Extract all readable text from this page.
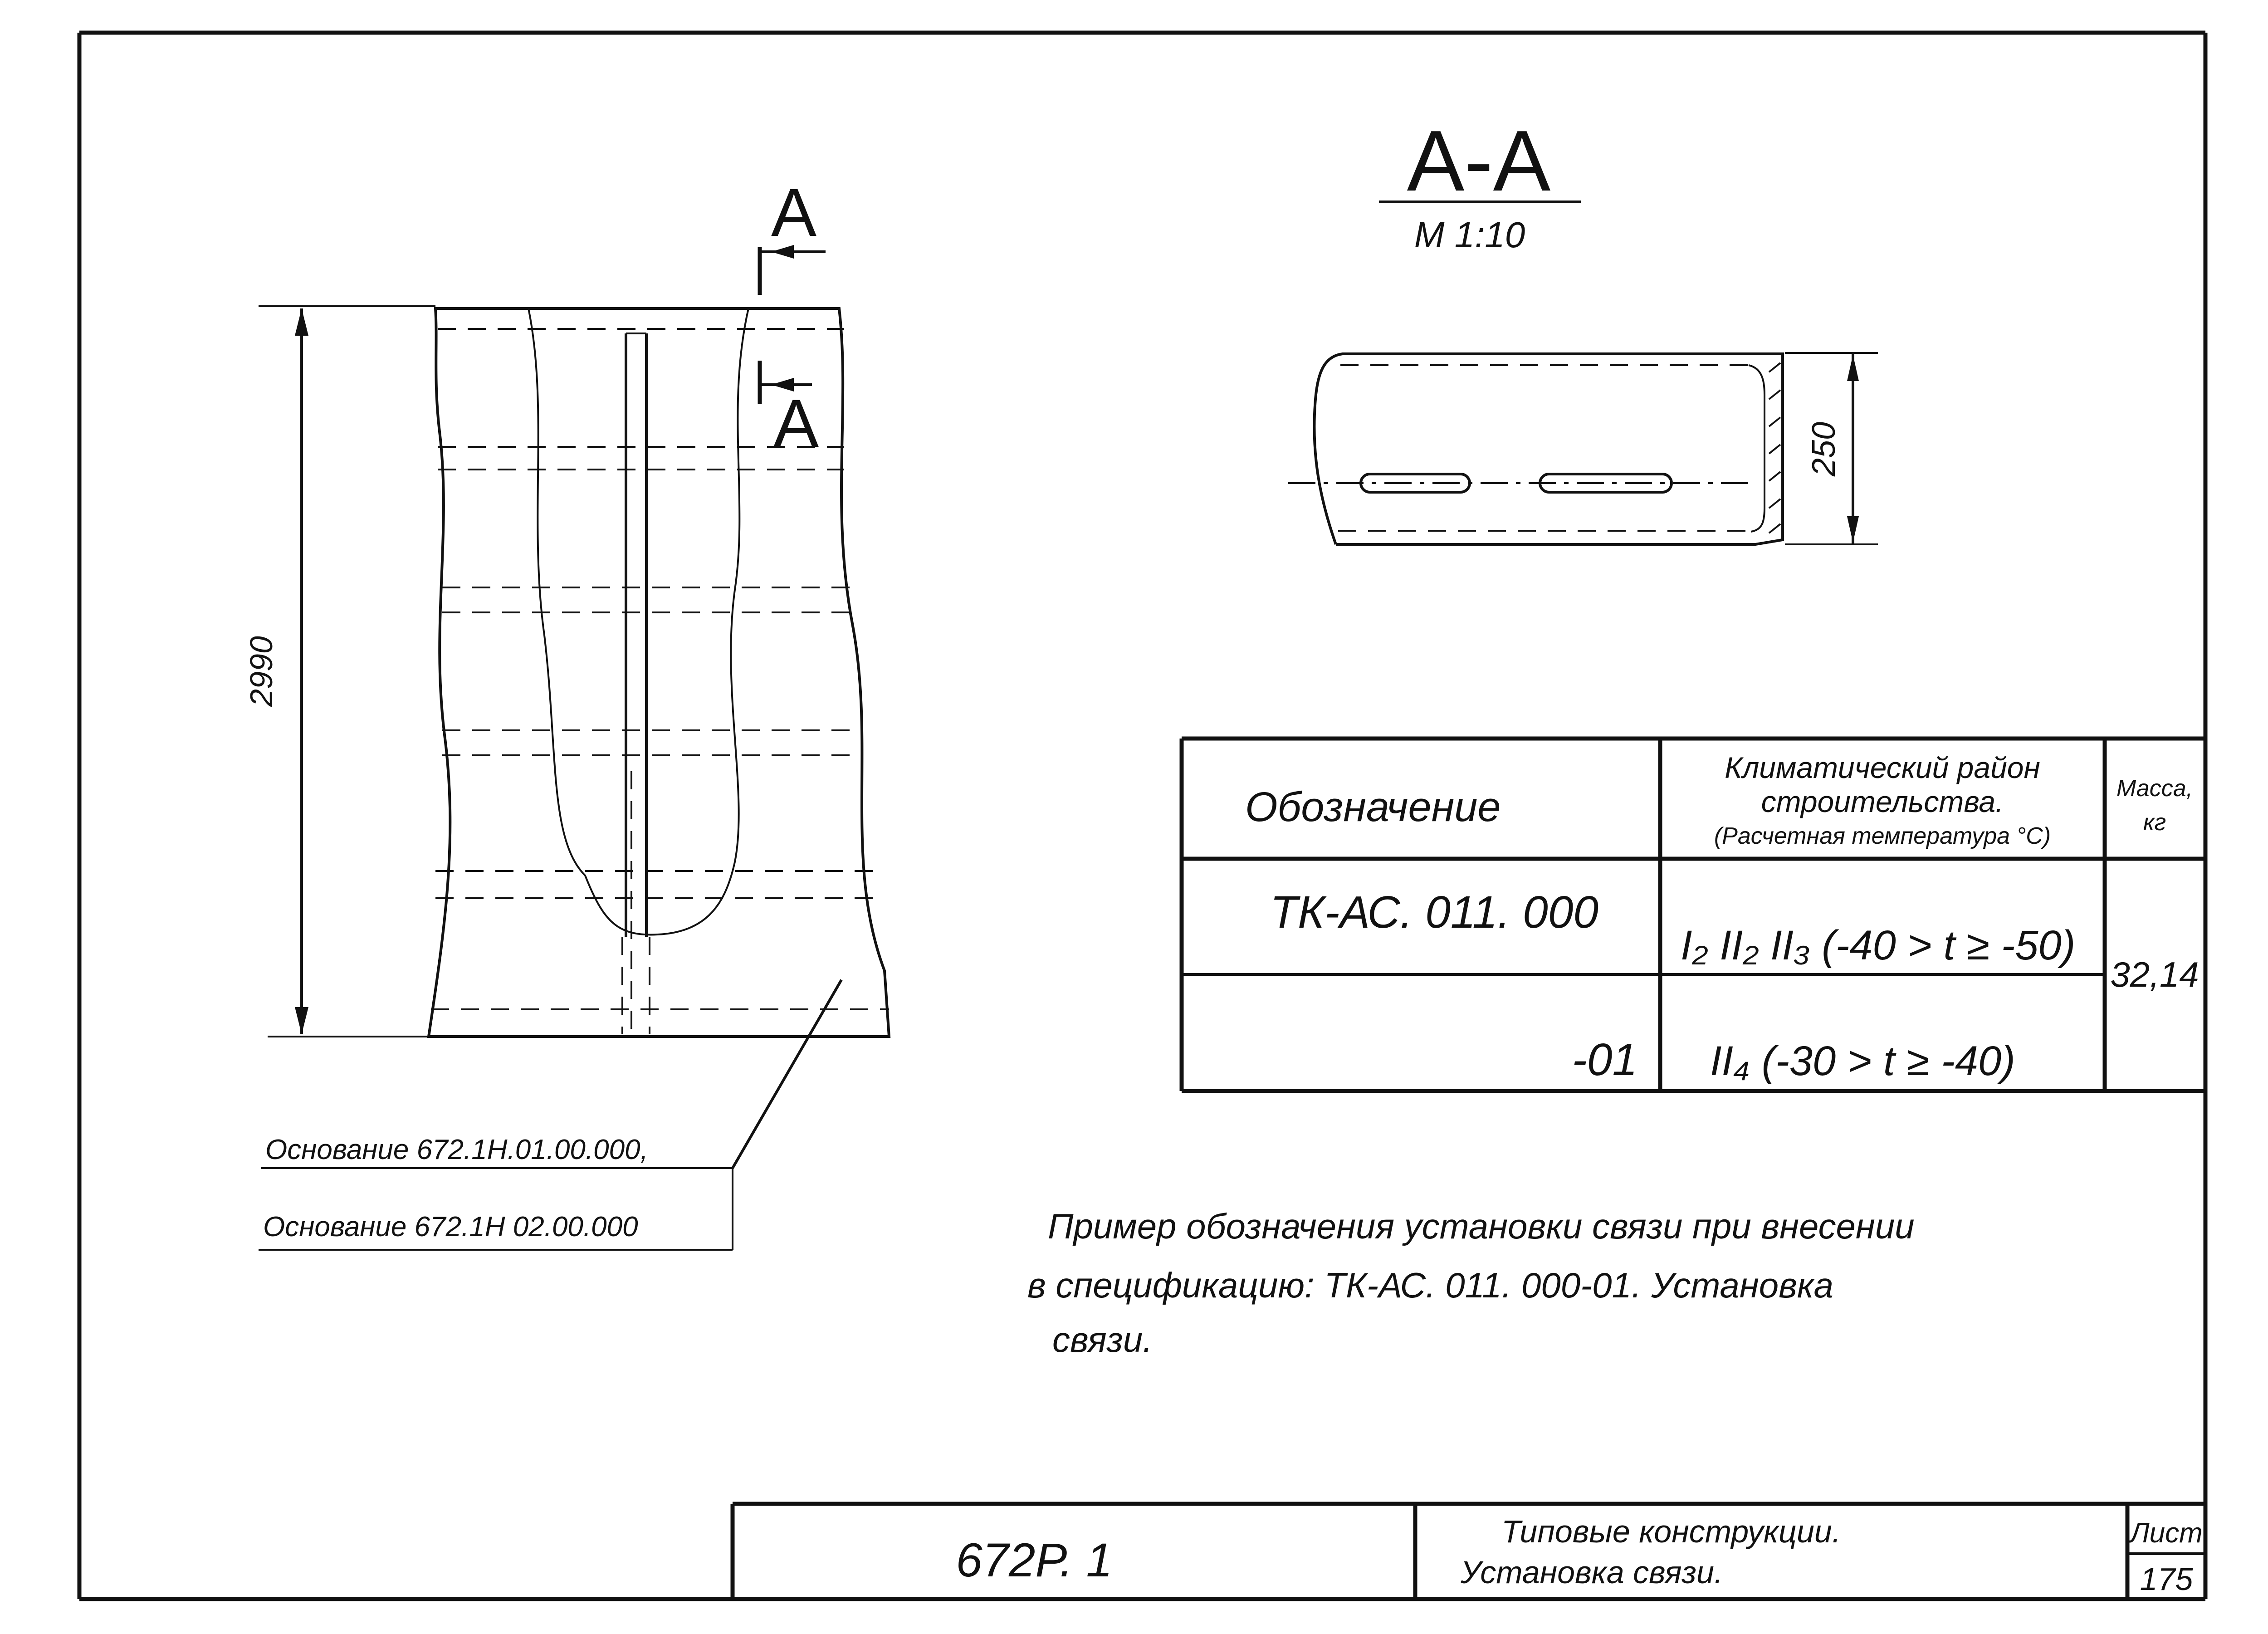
А
А
2990
Основание 672.1Н.01.00.000,
Основание 672.1Н 02.00.000
А-А
М 1:10
250
Обозначение
Климатический район
строительства.
(Расчетная температура °С)
Масса,
кг
ТК-АС. 011. 000
I₂ II₂ II₃ (-40 > t ≥ -50)
-01 II₄ (-30 > t ≥ -40)
32,14
Пример обозначения установки связи при внесении
в спецификацию: ТК-АС. 011. 000-01. Установка
связи.
672Р. 1
Типовые конструкции.
Установка связи.
Лист
175
